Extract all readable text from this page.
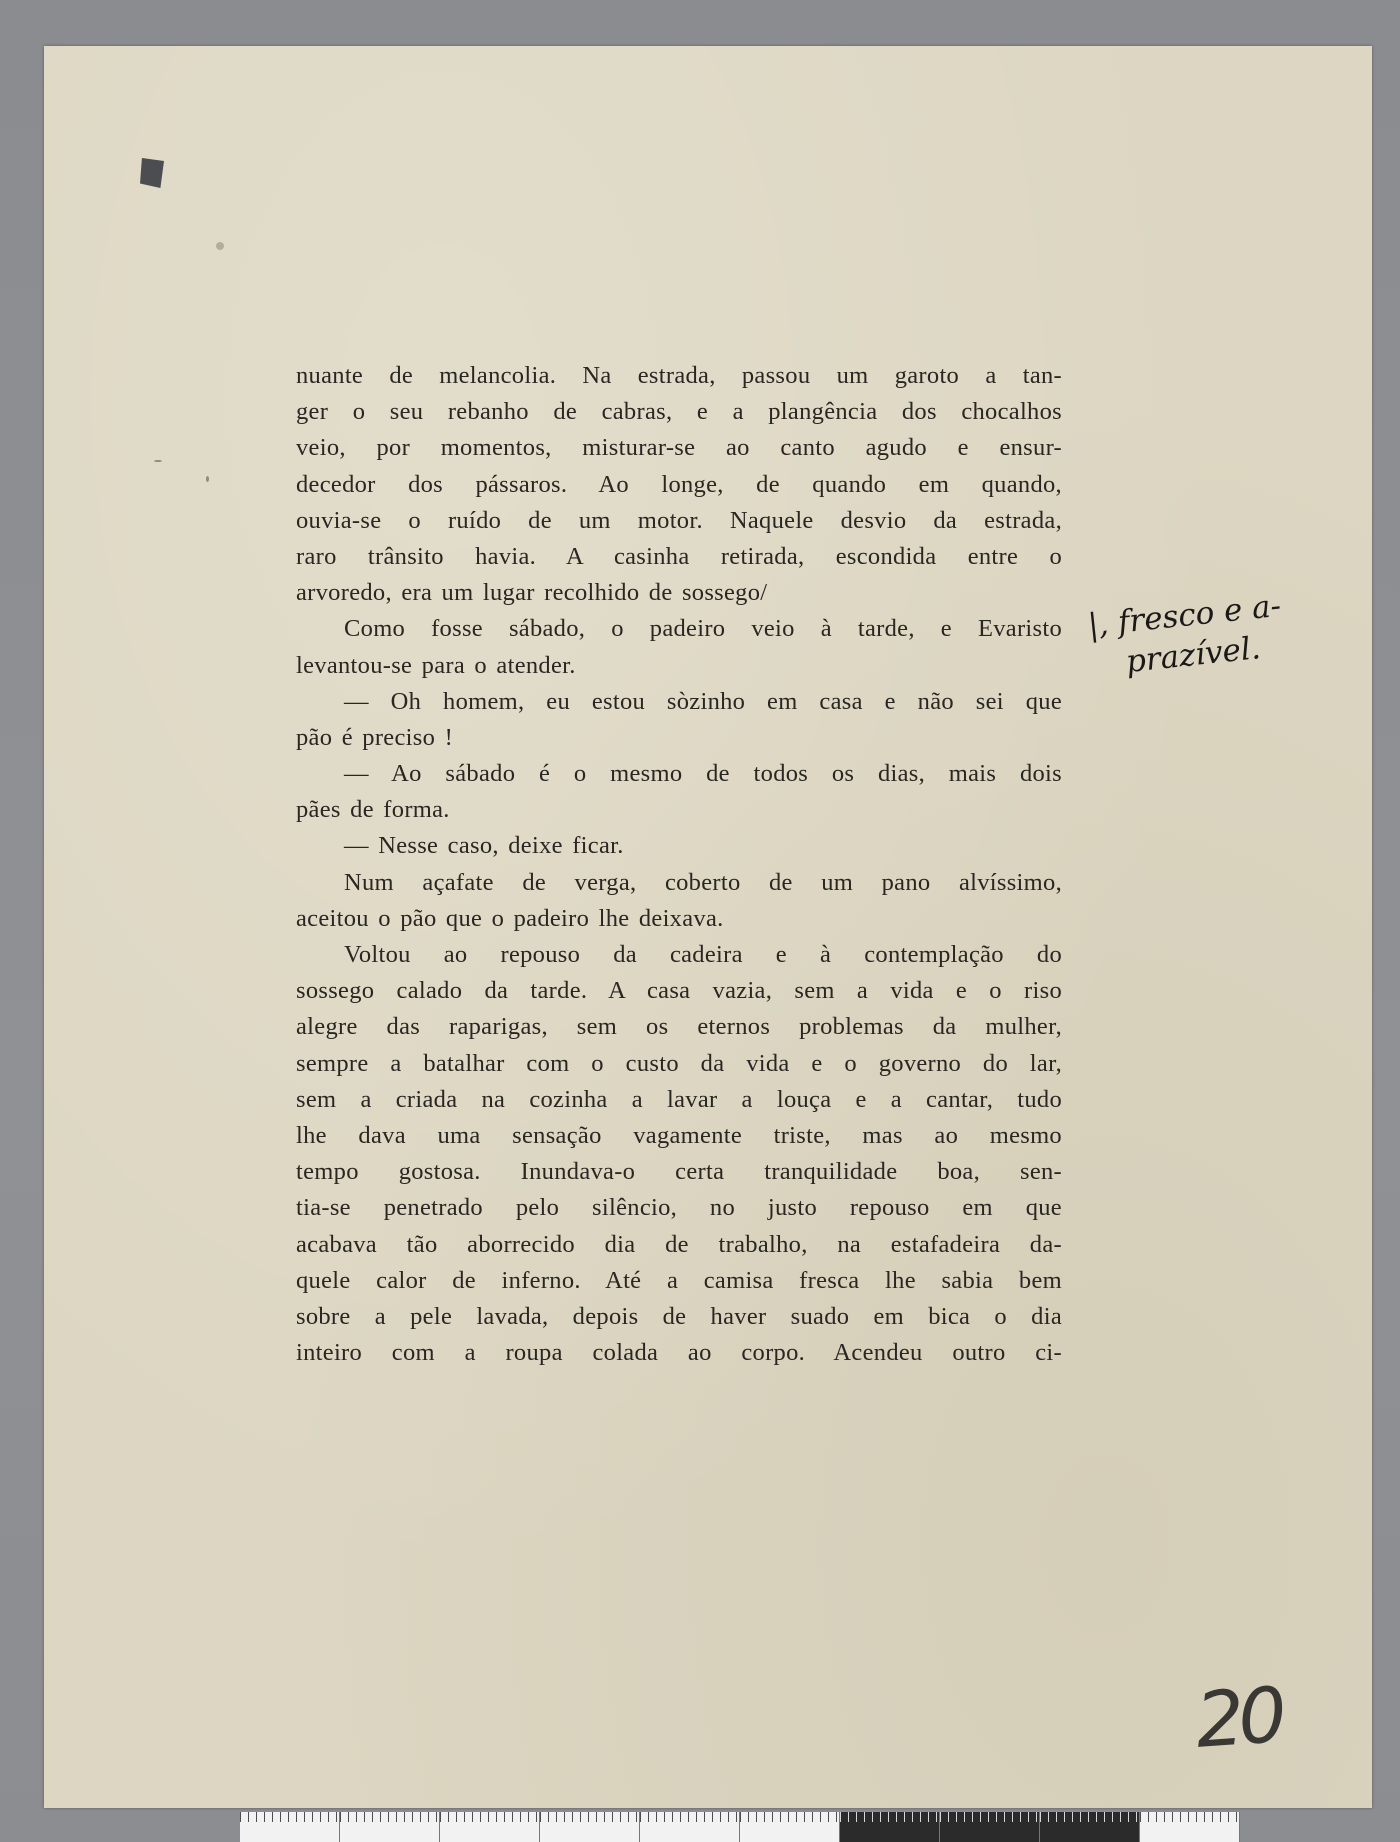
nuante de melancolia. Na estrada, passou um garoto a tan-
ger o seu rebanho de cabras, e a plangência dos chocalhos
veio, por momentos, misturar-se ao canto agudo e ensur-
decedor dos pássaros. Ao longe, de quando em quando,
ouvia-se o ruído de um motor. Naquele desvio da estrada,
raro trânsito havia. A casinha retirada, escondida entre o
arvoredo, era um lugar recolhido de sossego/
Como fosse sábado, o padeiro veio à tarde, e Evaristo
levantou-se para o atender.
— Oh homem, eu estou sòzinho em casa e não sei que
pão é preciso !
— Ao sábado é o mesmo de todos os dias, mais dois
pães de forma.
— Nesse caso, deixe ficar.
Num açafate de verga, coberto de um pano alvíssimo,
aceitou o pão que o padeiro lhe deixava.
Voltou ao repouso da cadeira e à contemplação do
sossego calado da tarde. A casa vazia, sem a vida e o riso
alegre das raparigas, sem os eternos problemas da mulher,
sempre a batalhar com o custo da vida e o governo do lar,
sem a criada na cozinha a lavar a louça e a cantar, tudo
lhe dava uma sensação vagamente triste, mas ao mesmo
tempo gostosa. Inundava-o certa tranquilidade boa, sen-
tia-se penetrado pelo silêncio, no justo repouso em que
acabava tão aborrecido dia de trabalho, na estafadeira da-
quele calor de inferno. Até a camisa fresca lhe sabia bem
sobre a pele lavada, depois de haver suado em bica o dia
inteiro com a roupa colada ao corpo. Acendeu outro ci-
|, fresco e a-
prazível.
20
